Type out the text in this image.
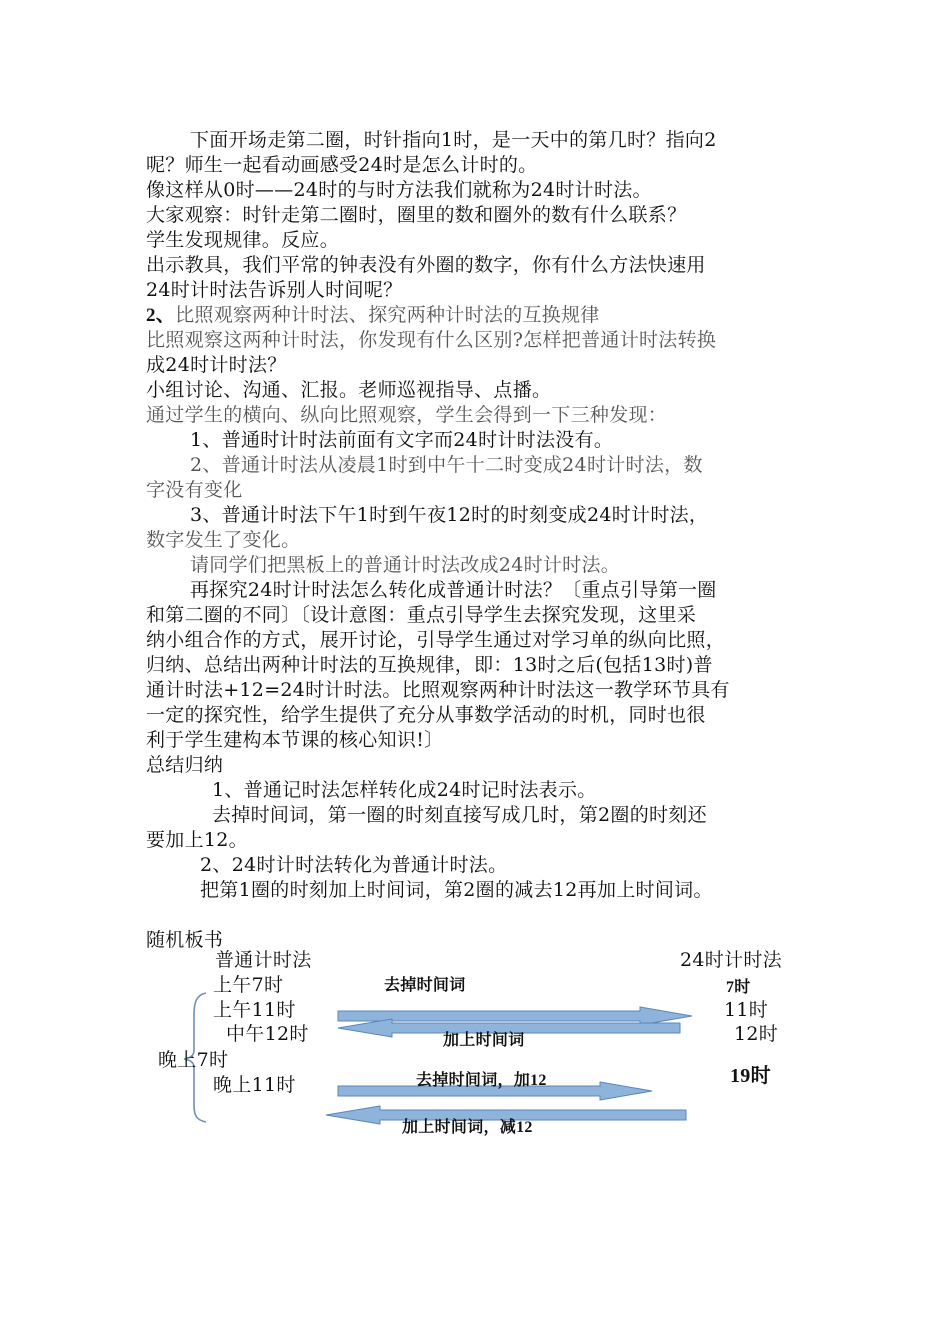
下面开场走第二圈，时针指向1时，是一天中的第几时？指向2
呢？师生一起看动画感受24时是怎么计时的。
像这样从0时——24时的与时方法我们就称为24时计时法。
大家观察：时针走第二圈时，圈里的数和圈外的数有什么联系？
学生发现规律。反应。
出示教具，我们平常的钟表没有外圈的数字，你有什么方法快速用
24时计时法告诉别人时间呢？
2、比照观察两种计时法、探究两种计时法的互换规律
比照观察这两种计时法，你发现有什么区别?怎样把普通计时法转换
成24时计时法？
小组讨论、沟通、汇报。老师巡视指导、点播。
通过学生的横向、纵向比照观察，学生会得到一下三种发现：
1、普通时计时法前面有文字而24时计时法没有。
2、普通计时法从凌晨1时到中午十二时变成24时计时法，数
字没有变化
3、普通计时法下午1时到午夜12时的时刻变成24时计时法，
数字发生了变化。
请同学们把黑板上的普通计时法改成24时计时法。
再探究24时计时法怎么转化成普通计时法？〔重点引导第一圈
和第二圈的不同〕〔设计意图：重点引导学生去探究发现，这里采
纳小组合作的方式，展开讨论，引导学生通过对学习单的纵向比照，
归纳、总结出两种计时法的互换规律，即：13时之后(包括13时)普
通计时法+12=24时计时法。比照观察两种计时法这一教学环节具有
一定的探究性，给学生提供了充分从事数学活动的时机，同时也很
利于学生建构本节课的核心知识!〕
总结归纳
1、普通记时法怎样转化成24时记时法表示。
去掉时间词，第一圈的时刻直接写成几时，第2圈的时刻还
要加上12。
2、24时计时法转化为普通计时法。
把第1圈的时刻加上时间词，第2圈的减去12再加上时间词。
随机板书
普通计时法	24时计时法
上午7时
上午11时
中午12时
晚上7时
晚上11时
7时
11时
12时
19时
去掉时间词
加上时间词
去掉时间词，加12
加上时间词，减12
